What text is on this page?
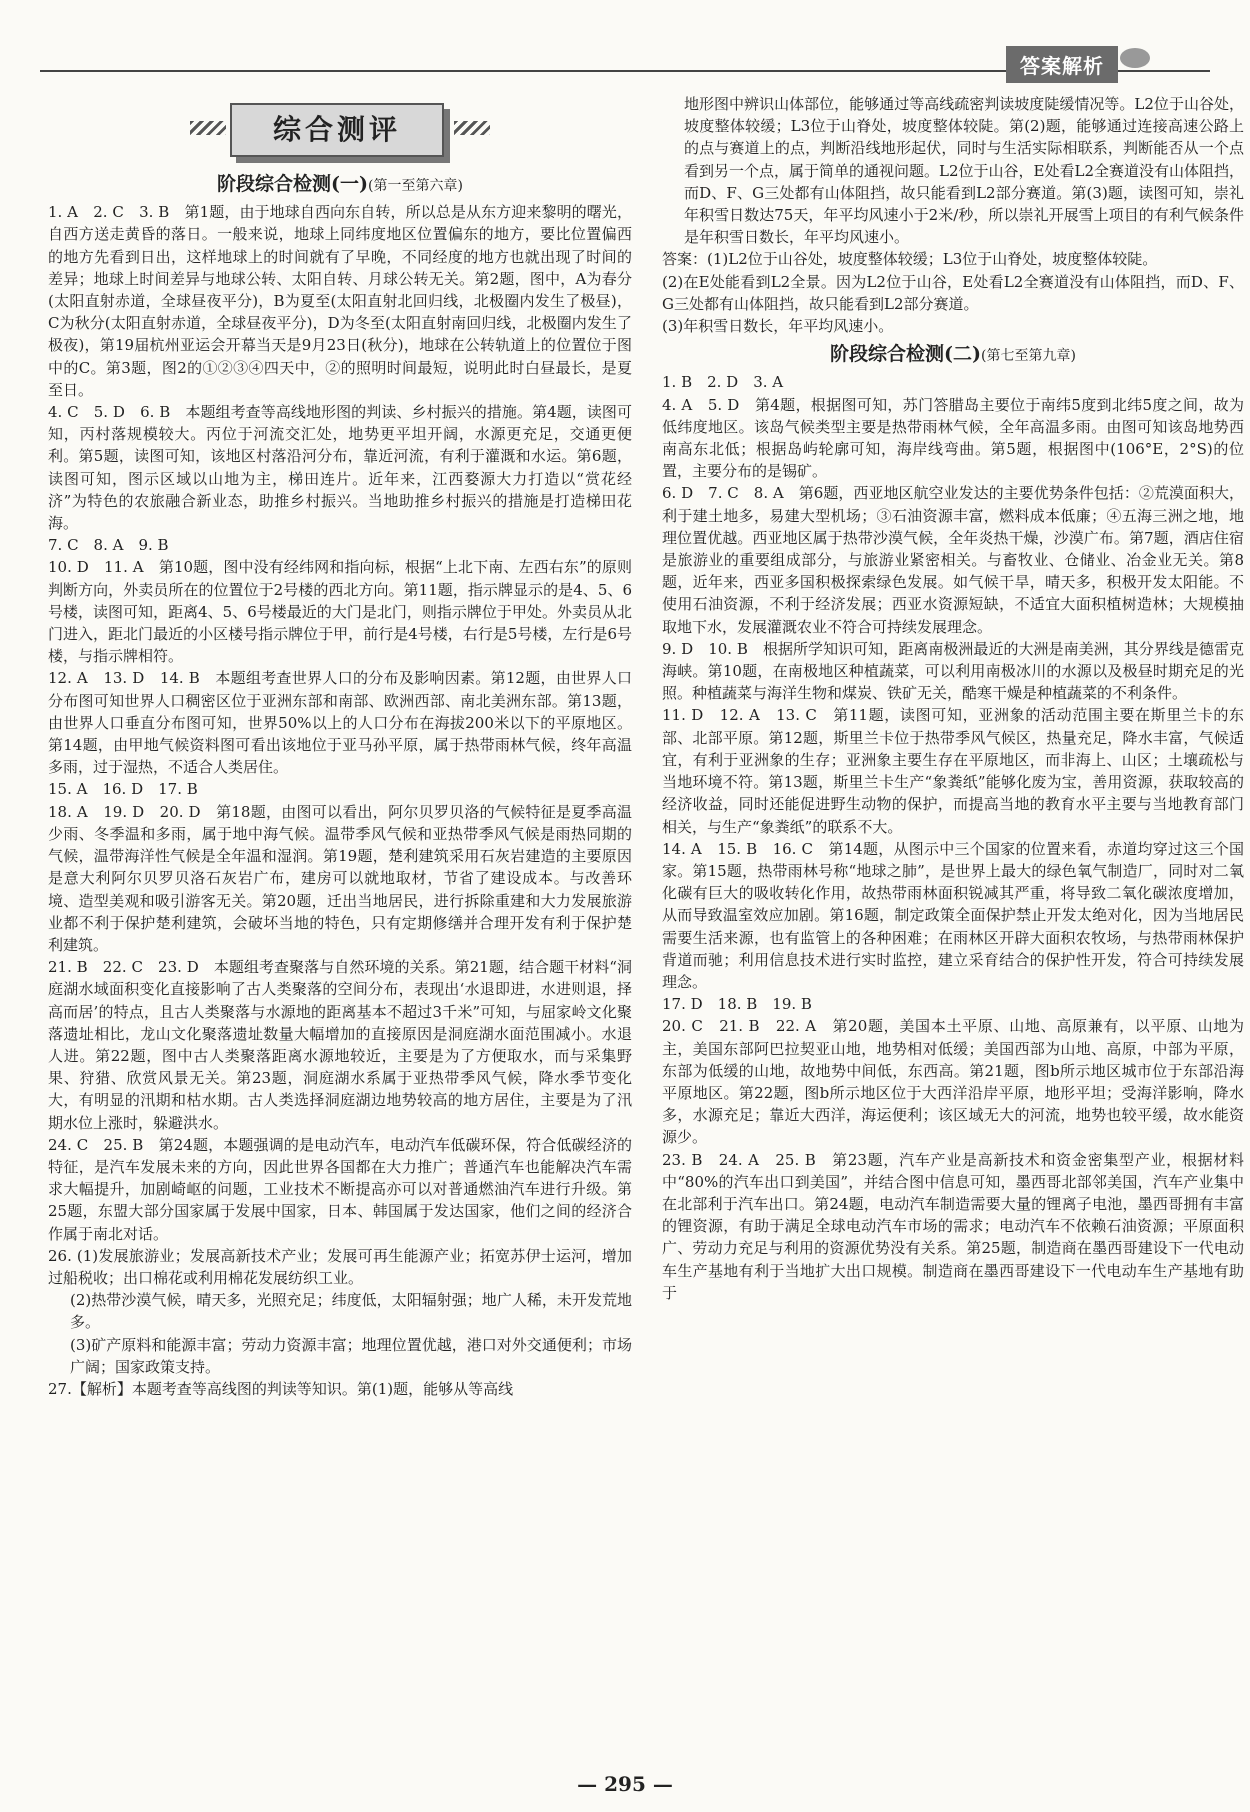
答案解析
综合测评
阶段综合检测(一)(第一至第六章)

1. A　2. C　3. B　第1题，由于地球自西向东自转，所以总是从东方迎来黎明的曙光，自西方送走黄昏的落日。一般来说，地球上同纬度地区位置偏东的地方，要比位置偏西的地方先看到日出，这样地球上的时间就有了早晚，不同经度的地方也就出现了时间的差异；地球上时间差异与地球公转、太阳自转、月球公转无关。第2题，图中，A为春分(太阳直射赤道，全球昼夜平分)，B为夏至(太阳直射北回归线，北极圈内发生了极昼)，C为秋分(太阳直射赤道，全球昼夜平分)，D为冬至(太阳直射南回归线，北极圈内发生了极夜)，第19届杭州亚运会开幕当天是9月23日(秋分)，地球在公转轨道上的位置位于图中的C。第3题，图2的①②③④四天中，②的照明时间最短，说明此时白昼最长，是夏至日。

4. C　5. D　6. B　本题组考查等高线地形图的判读、乡村振兴的措施。第4题，读图可知，丙村落规模较大。丙位于河流交汇处，地势更平坦开阔，水源更充足，交通更便利。第5题，读图可知，该地区村落沿河分布，靠近河流，有利于灌溉和水运。第6题，读图可知，图示区域以山地为主，梯田连片。近年来，江西婺源大力打造以“赏花经济”为特色的农旅融合新业态，助推乡村振兴。当地助推乡村振兴的措施是打造梯田花海。

7. C　8. A　9. B

10. D　11. A　第10题，图中没有经纬网和指向标，根据“上北下南、左西右东”的原则判断方向，外卖员所在的位置位于2号楼的西北方向。第11题，指示牌显示的是4、5、6号楼，读图可知，距离4、5、6号楼最近的大门是北门，则指示牌位于甲处。外卖员从北门进入，距北门最近的小区楼号指示牌位于甲，前行是4号楼，右行是5号楼，左行是6号楼，与指示牌相符。

12. A　13. D　14. B　本题组考查世界人口的分布及影响因素。第12题，由世界人口分布图可知世界人口稠密区位于亚洲东部和南部、欧洲西部、南北美洲东部。第13题，由世界人口垂直分布图可知，世界50%以上的人口分布在海拔200米以下的平原地区。第14题，由甲地气候资料图可看出该地位于亚马孙平原，属于热带雨林气候，终年高温多雨，过于湿热，不适合人类居住。

15. A　16. D　17. B

18. A　19. D　20. D　第18题，由图可以看出，阿尔贝罗贝洛的气候特征是夏季高温少雨、冬季温和多雨，属于地中海气候。温带季风气候和亚热带季风气候是雨热同期的气候，温带海洋性气候是全年温和湿润。第19题，楚利建筑采用石灰岩建造的主要原因是意大利阿尔贝罗贝洛石灰岩广布，建房可以就地取材，节省了建设成本。与改善环境、造型美观和吸引游客无关。第20题，迁出当地居民，进行拆除重建和大力发展旅游业都不利于保护楚利建筑，会破坏当地的特色，只有定期修缮并合理开发有利于保护楚利建筑。

21. B　22. C　23. D　本题组考查聚落与自然环境的关系。第21题，结合题干材料“洞庭湖水域面积变化直接影响了古人类聚落的空间分布，表现出‘水退即进，水进则退，择高而居’的特点，且古人类聚落与水源地的距离基本不超过3千米”可知，与屈家岭文化聚落遗址相比，龙山文化聚落遗址数量大幅增加的直接原因是洞庭湖水面范围减小。水退人进。第22题，图中古人类聚落距离水源地较近，主要是为了方便取水，而与采集野果、狩猎、欣赏风景无关。第23题，洞庭湖水系属于亚热带季风气候，降水季节变化大，有明显的汛期和枯水期。古人类选择洞庭湖边地势较高的地方居住，主要是为了汛期水位上涨时，躲避洪水。

24. C　25. B　第24题，本题强调的是电动汽车，电动汽车低碳环保，符合低碳经济的特征，是汽车发展未来的方向，因此世界各国都在大力推广；普通汽车也能解决汽车需求大幅提升，加剧崎岖的问题，工业技术不断提高亦可以对普通燃油汽车进行升级。第25题，东盟大部分国家属于发展中国家，日本、韩国属于发达国家，他们之间的经济合作属于南北对话。

26. (1)发展旅游业；发展高新技术产业；发展可再生能源产业；拓宽苏伊士运河，增加过船税收；出口棉花或利用棉花发展纺织工业。

(2)热带沙漠气候，晴天多，光照充足；纬度低，太阳辐射强；地广人稀，未开发荒地多。

(3)矿产原料和能源丰富；劳动力资源丰富；地理位置优越，港口对外交通便利；市场广阔；国家政策支持。

27.【解析】本题考查等高线图的判读等知识。第(1)题，能够从等高线

地形图中辨识山体部位，能够通过等高线疏密判读坡度陡缓情况等。L2位于山谷处，坡度整体较缓；L3位于山脊处，坡度整体较陡。第(2)题，能够通过连接高速公路上的点与赛道上的点，判断沿线地形起伏，同时与生活实际相联系，判断能否从一个点看到另一个点，属于简单的通视问题。L2位于山谷，E处看L2全赛道没有山体阻挡，而D、F、G三处都有山体阻挡，故只能看到L2部分赛道。第(3)题，读图可知，崇礼年积雪日数达75天，年平均风速小于2米/秒，所以崇礼开展雪上项目的有利气候条件是年积雪日数长，年平均风速小。

答案：(1)L2位于山谷处，坡度整体较缓；L3位于山脊处，坡度整体较陡。

(2)在E处能看到L2全景。因为L2位于山谷，E处看L2全赛道没有山体阻挡，而D、F、G三处都有山体阻挡，故只能看到L2部分赛道。

(3)年积雪日数长，年平均风速小。

阶段综合检测(二)(第七至第九章)

1. B　2. D　3. A

4. A　5. D　第4题，根据图可知，苏门答腊岛主要位于南纬5度到北纬5度之间，故为低纬度地区。该岛气候类型主要是热带雨林气候，全年高温多雨。由图可知该岛地势西南高东北低；根据岛屿轮廓可知，海岸线弯曲。第5题，根据图中(106°E，2°S)的位置，主要分布的是锡矿。

6. D　7. C　8. A　第6题，西亚地区航空业发达的主要优势条件包括：②荒漠面积大，利于建土地多，易建大型机场；③石油资源丰富，燃料成本低廉；④五海三洲之地，地理位置优越。西亚地区属于热带沙漠气候，全年炎热干燥，沙漠广布。第7题，酒店住宿是旅游业的重要组成部分，与旅游业紧密相关。与畜牧业、仓储业、冶金业无关。第8题，近年来，西亚多国积极探索绿色发展。如气候干旱，晴天多，积极开发太阳能。不使用石油资源，不利于经济发展；西亚水资源短缺，不适宜大面积植树造林；大规模抽取地下水，发展灌溉农业不符合可持续发展理念。

9. D　10. B　根据所学知识可知，距离南极洲最近的大洲是南美洲，其分界线是德雷克海峡。第10题，在南极地区种植蔬菜，可以利用南极冰川的水源以及极昼时期充足的光照。种植蔬菜与海洋生物和煤炭、铁矿无关，酷寒干燥是种植蔬菜的不利条件。

11. D　12. A　13. C　第11题，读图可知，亚洲象的活动范围主要在斯里兰卡的东部、北部平原。第12题，斯里兰卡位于热带季风气候区，热量充足，降水丰富，气候适宜，有利于亚洲象的生存；亚洲象主要生存在平原地区，而非海上、山区；土壤疏松与当地环境不符。第13题，斯里兰卡生产“象粪纸”能够化废为宝，善用资源，获取较高的经济收益，同时还能促进野生动物的保护，而提高当地的教育水平主要与当地教育部门相关，与生产“象粪纸”的联系不大。

14. A　15. B　16. C　第14题，从图示中三个国家的位置来看，赤道均穿过这三个国家。第15题，热带雨林号称“地球之肺”，是世界上最大的绿色氧气制造厂，同时对二氧化碳有巨大的吸收转化作用，故热带雨林面积锐减其严重，将导致二氧化碳浓度增加，从而导致温室效应加剧。第16题，制定政策全面保护禁止开发太绝对化，因为当地居民需要生活来源，也有监管上的各种困难；在雨林区开辟大面积农牧场，与热带雨林保护背道而驰；利用信息技术进行实时监控，建立采育结合的保护性开发，符合可持续发展理念。

17. D　18. B　19. B

20. C　21. B　22. A　第20题，美国本土平原、山地、高原兼有，以平原、山地为主，美国东部阿巴拉契亚山地，地势相对低缓；美国西部为山地、高原，中部为平原，东部为低缓的山地，故地势中间低，东西高。第21题，图b所示地区城市位于东部沿海平原地区。第22题，图b所示地区位于大西洋沿岸平原，地形平坦；受海洋影响，降水多，水源充足；靠近大西洋，海运便利；该区域无大的河流，地势也较平缓，故水能资源少。

23. B　24. A　25. B　第23题，汽车产业是高新技术和资金密集型产业，根据材料中“80%的汽车出口到美国”，并结合图中信息可知，墨西哥北部邻美国，汽车产业集中在北部利于汽车出口。第24题，电动汽车制造需要大量的锂离子电池，墨西哥拥有丰富的锂资源，有助于满足全球电动汽车市场的需求；电动汽车不依赖石油资源；平原面积广、劳动力充足与利用的资源优势没有关系。第25题，制造商在墨西哥建设下一代电动车生产基地有利于当地扩大出口规模。制造商在墨西哥建设下一代电动车生产基地有助于

— 295 —
